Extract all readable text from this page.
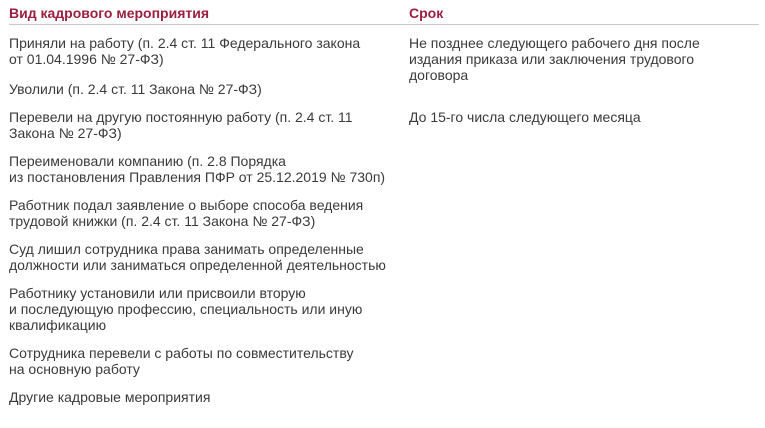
Вид кадрового мероприятия	Срок
Приняли на работу (п. 2.4 ст. 11 Федерального закона
от 01.04.1996 № 27-ФЗ)
Не позднее следующего рабочего дня после
издания приказа или заключения трудового
договора
Уволили (п. 2.4 ст. 11 Закона № 27-ФЗ)
Перевели на другую постоянную работу (п. 2.4 ст. 11
Закона № 27-ФЗ)
До 15-го числа следующего месяца
Переименовали компанию (п. 2.8 Порядка
из постановления Правления ПФР от 25.12.2019 № 730п)
Работник подал заявление о выборе способа ведения
трудовой книжки (п. 2.4 ст. 11 Закона № 27-ФЗ)
Суд лишил сотрудника права занимать определенные
должности или заниматься определенной деятельностью
Работнику установили или присвоили вторую
и последующую профессию, специальность или иную
квалификацию
Сотрудника перевели с работы по совместительству
на основную работу
Другие кадровые мероприятия
